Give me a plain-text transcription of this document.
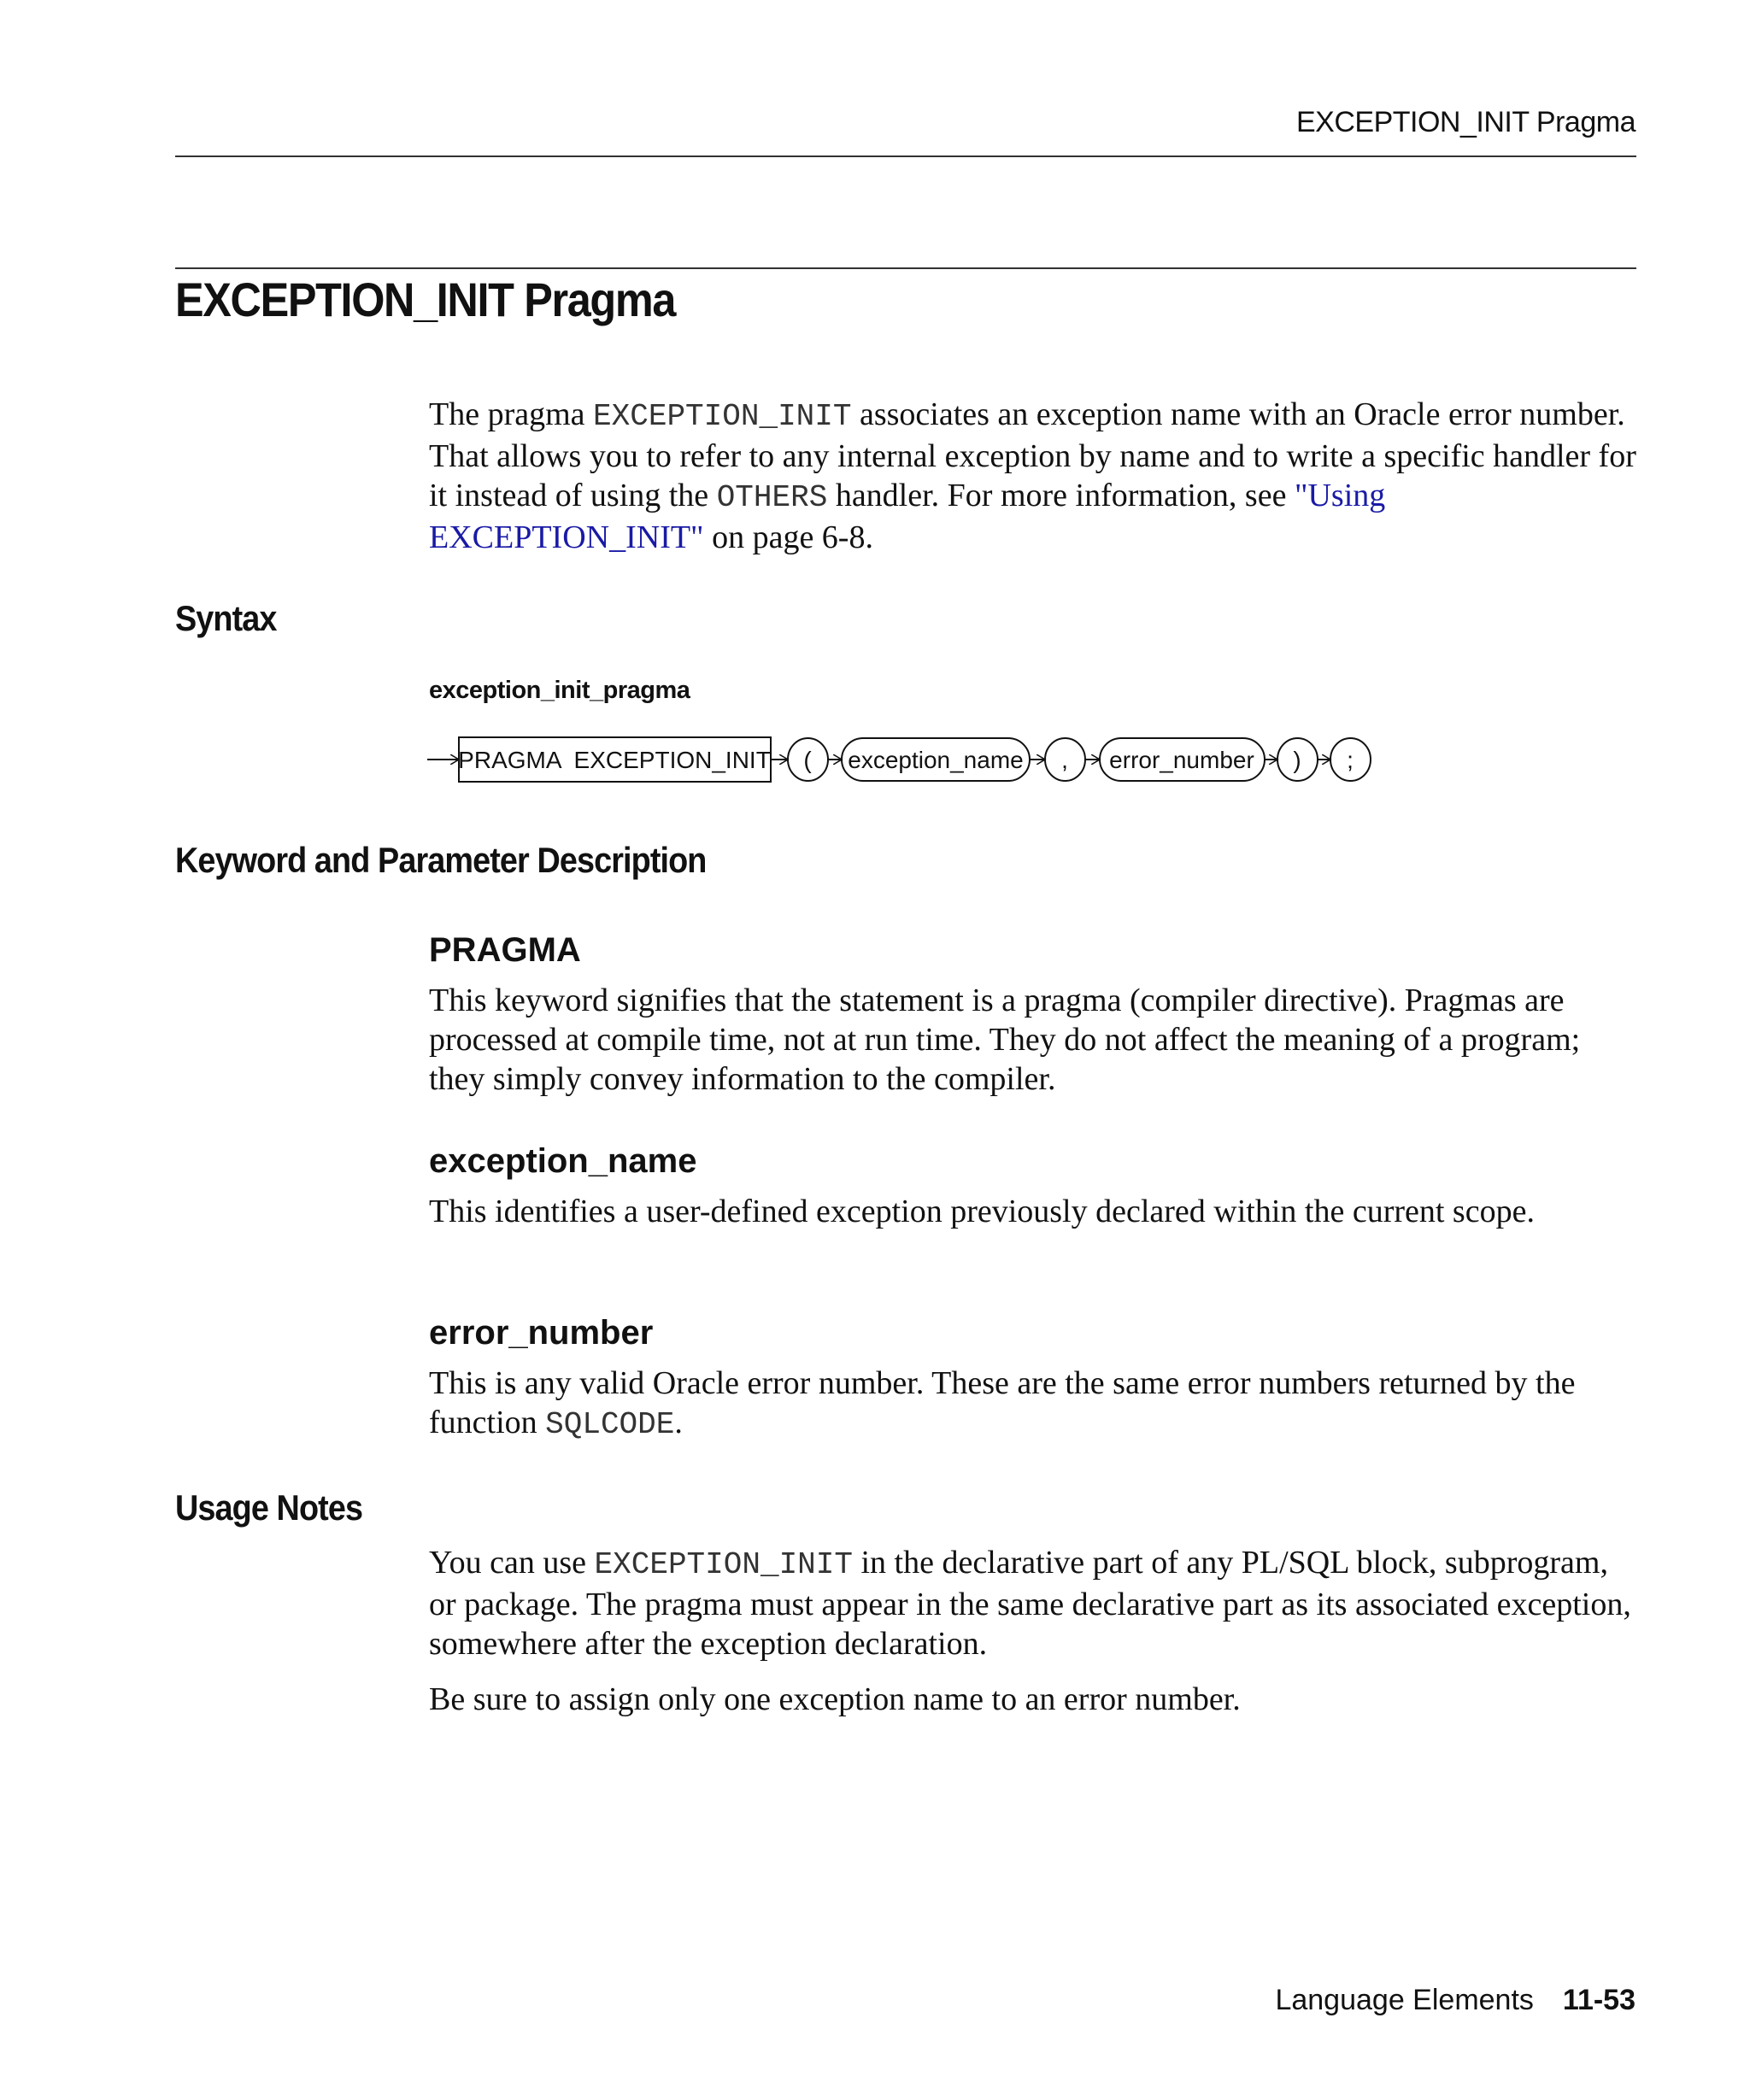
EXCEPTION_INIT Pragma
EXCEPTION_INIT Pragma

The pragma EXCEPTION_INIT associates an exception name with an Oracle error number. That allows you to refer to any internal exception by name and to write a specific handler for it instead of using the OTHERS handler. For more information, see "Using EXCEPTION_INIT" on page 6-8.

Syntax
exception_init_pragma
PRAGMA  EXCEPTION_INIT ( exception_name , error_number ) ;
Keyword and Parameter Description
PRAGMA

This keyword signifies that the statement is a pragma (compiler directive). Pragmas are processed at compile time, not at run time. They do not affect the meaning of a program; they simply convey information to the compiler.

exception_name

This identifies a user-defined exception previously declared within the current scope.

error_number

This is any valid Oracle error number. These are the same error numbers returned by the function SQLCODE.

Usage Notes

You can use EXCEPTION_INIT in the declarative part of any PL/SQL block, subprogram, or package. The pragma must appear in the same declarative part as its associated exception, somewhere after the exception declaration.

Be sure to assign only one exception name to an error number.

Language Elements 11-53
